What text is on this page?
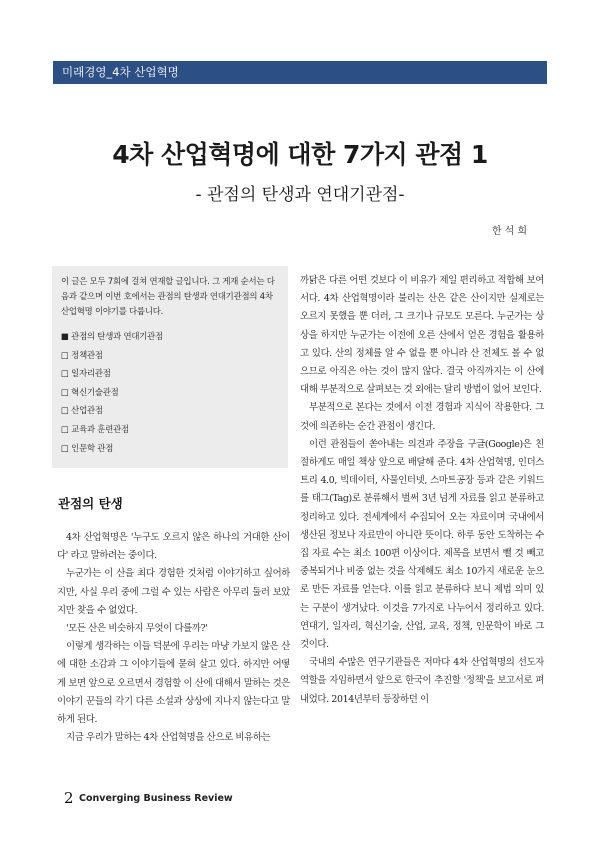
미래경영_4차 산업혁명
4차 산업혁명에 대한 7가지 관점 1
- 관점의 탄생과 연대기관점-
한석희

이 글은 모두 7회에 걸쳐 연재할 글입니다. 그 게재 순서는 다음과 같으며 이번 호에서는 관점의 탄생과 연대기관점의 4차 산업혁명 이야기를 다룹니다.

■ 관점의 탄생과 연대기관점
□ 정책관점
□ 일자리관점
□ 혁신기술관점
□ 산업관점
□ 교육과 훈련관점
□ 인문학 관점
관점의 탄생

4차 산업혁명은 '누구도 오르지 않은 하나의 거대한 산이다' 라고 말하려는 중이다.

누군가는 이 산을 최다 경험한 것처럼 이야기하고 싶어하지만, 사실 우리 중에 그럴 수 있는 사람은 아무리 둘러 보았지만 찾을 수 없었다.

'모든 산은 비슷하지 무엇이 다를까?'

이렇게 생각하는 이들 덕분에 우리는 마냥 가보지 않은 산에 대한 소감과 그 이야기들에 묻혀 살고 있다. 하지만 어떻게 보면 앞으로 오르면서 경험할 이 산에 대해서 말하는 것은 이야기 꾼들의 각기 다른 소설과 상상에 지나지 않는다고 말하게 된다.

지금 우리가 말하는 4차 산업혁명을 산으로 비유하는

까닭은 다른 어떤 것보다 이 비유가 제일 편리하고 적합해 보여서다. 4차 산업혁명이라 불리는 산은 같은 산이지만 실제로는 오르지 못했을 뿐 더러, 그 크기나 규모도 모른다. 누군가는 상상을 하지만 누군가는 이전에 오른 산에서 얻은 경험을 활용하고 있다. 산의 정체를 알 수 없을 뿐 아니라 산 전체도 볼 수 없으므로 아직은 아는 것이 많지 않다. 결국 아직까지는 이 산에 대해 부분적으로 살펴보는 것 외에는 달리 방법이 없어 보인다.

부분적으로 본다는 것에서 이전 경험과 지식이 작용한다. 그것에 의존하는 순간 관점이 생긴다.

이런 관점들이 쏟아내는 의견과 주장을 구글(Google)은 친절하게도 매일 책상 앞으로 배달해 준다. 4차 산업혁명, 인더스트리 4.0, 빅데이터, 사물인터넷, 스마트공장 등과 같은 키워드를 태그(Tag)로 분류해서 벌써 3년 넘게 자료를 읽고 분류하고 정리하고 있다. 전세계에서 수집되어 오는 자료이며 국내에서 생산된 정보나 자료만이 아니란 뜻이다. 하루 동안 도착하는 수집 자료 수는 최소 100편 이상이다. 제목을 보면서 뺄 것 빼고 중복되거나 비중 없는 것을 삭제해도 최소 10가지 새로운 눈으로 만든 자료를 얻는다. 이를 읽고 분류하다 보니 제법 의미 있는 구분이 생겨났다. 이것을 7가지로 나누어서 정리하고 있다. 연대기, 일자리, 혁신기술, 산업, 교육, 정책, 인문학이 바로 그것이다.

국내의 수많은 연구기관들은 저마다 4차 산업혁명의 선도자 역할을 자임하면서 앞으로 한국이 추진할 '정책'을 보고서로 펴내었다. 2014년부터 등장하던 이

2 Converging Business Review
